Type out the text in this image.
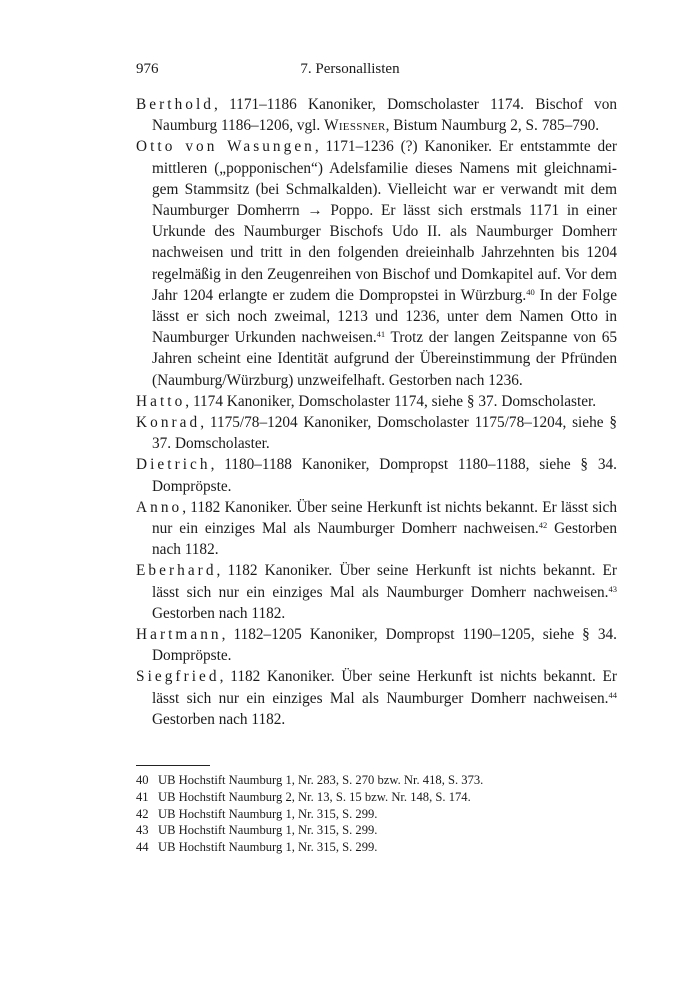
976	7. Personallisten

Berthold, 1171–1186 Kanoniker, Domscholaster 1174. Bischof von Naumburg 1186–1206, vgl. Wiessner, Bistum Naumburg 2, S. 785–790.

Otto von Wasungen, 1171–1236 (?) Kanoniker. Er entstammte der mittleren („popponischen“) Adelsfamilie dieses Namens mit gleichnamigem Stammsitz (bei Schmalkalden). Vielleicht war er verwandt mit dem Naumburger Domherrn → Poppo. Er lässt sich erstmals 1171 in einer Urkunde des Naumburger Bischofs Udo II. als Naumburger Domherr nachweisen und tritt in den folgenden dreieinhalb Jahrzehnten bis 1204 regelmäßig in den Zeugenreihen von Bischof und Domkapitel auf. Vor dem Jahr 1204 erlangte er zudem die Dompropstei in Würzburg.$^{40}$ In der Folge lässt er sich noch zweimal, 1213 und 1236, unter dem Namen Otto in Naumburger Urkunden nachweisen.$^{41}$ Trotz der langen Zeitspanne von 65 Jahren scheint eine Identität aufgrund der Übereinstimmung der Pfründen (Naumburg/Würzburg) unzweifelhaft. Gestorben nach 1236.

Hatto, 1174 Kanoniker, Domscholaster 1174, siehe § 37. Domscholaster.

Konrad, 1175/78–1204 Kanoniker, Domscholaster 1175/78–1204, siehe § 37. Domscholaster.

Dietrich, 1180–1188 Kanoniker, Dompropst 1180–1188, siehe § 34. Dompröpste.

Anno, 1182 Kanoniker. Über seine Herkunft ist nichts bekannt. Er lässt sich nur ein einziges Mal als Naumburger Domherr nachweisen.$^{42}$ Gestorben nach 1182.

Eberhard, 1182 Kanoniker. Über seine Herkunft ist nichts bekannt. Er lässt sich nur ein einziges Mal als Naumburger Domherr nachweisen.$^{43}$ Gestorben nach 1182.

Hartmann, 1182–1205 Kanoniker, Dompropst 1190–1205, siehe § 34. Dompröpste.

Siegfried, 1182 Kanoniker. Über seine Herkunft ist nichts bekannt. Er lässt sich nur ein einziges Mal als Naumburger Domherr nachweisen.$^{44}$ Gestorben nach 1182.

40 UB Hochstift Naumburg 1, Nr. 283, S. 270 bzw. Nr. 418, S. 373.
41 UB Hochstift Naumburg 2, Nr. 13, S. 15 bzw. Nr. 148, S. 174.
42 UB Hochstift Naumburg 1, Nr. 315, S. 299.
43 UB Hochstift Naumburg 1, Nr. 315, S. 299.
44 UB Hochstift Naumburg 1, Nr. 315, S. 299.
